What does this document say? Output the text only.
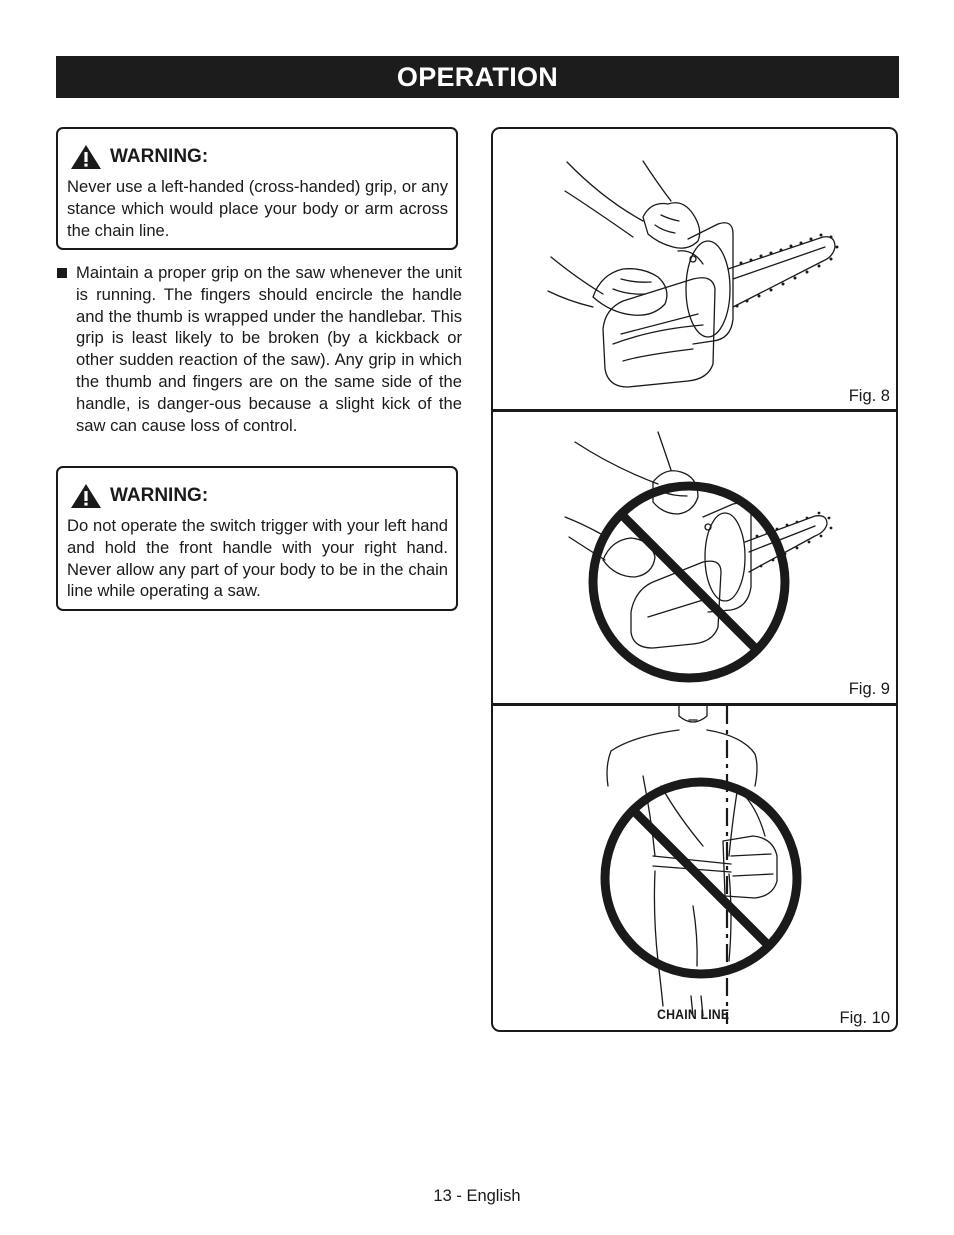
OPERATION
WARNING:
Never use a left-handed (cross-handed) grip, or any stance which would place your body or arm across the chain line.
Maintain a proper grip on the saw whenever the unit is running. The fingers should encircle the handle and the thumb is wrapped under the handlebar. This grip is least likely to be broken (by a kickback or other sudden reaction of the saw). Any grip in which the thumb and fingers are on the same side of the handle, is danger-ous because a slight kick of the saw can cause loss of control.
WARNING:
Do not operate the switch trigger with your left hand and hold the front handle with your right hand. Never allow any part of your body to be in the chain line while operating a saw.
Fig. 8
Fig. 9
CHAIN LINE	Fig. 10
13 - English
